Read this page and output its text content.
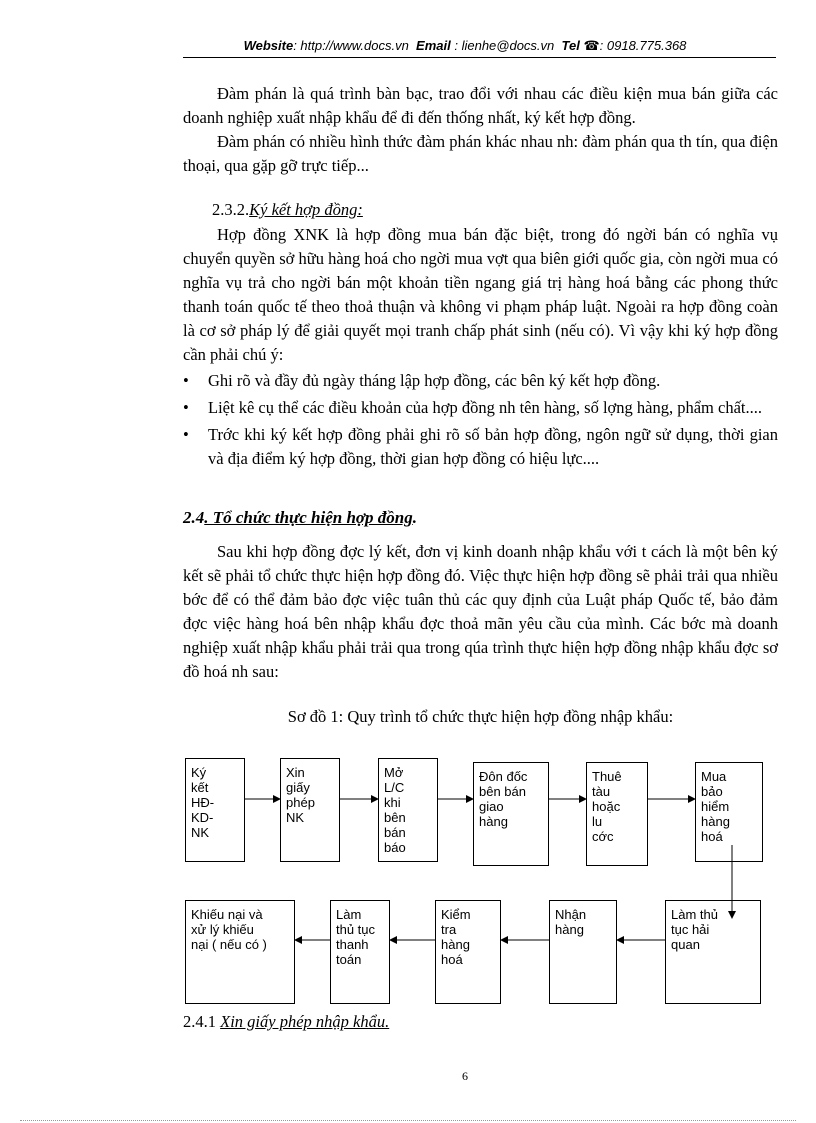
Website: http://www.docs.vn Email : lienhe@docs.vn Tel ☎: 0918.775.368

Đàm phán là quá trình bàn bạc, trao đổi với nhau các điều kiện mua bán giữa các doanh nghiệp xuất nhập khẩu để đi đến thống nhất, ký kết hợp đồng.

Đàm phán có nhiều hình thức đàm phán khác nhau nh: đàm phán qua th tín, qua điện thoại, qua gặp gỡ trực tiếp...

2.3.2.Ký kết hợp đồng:

Hợp đồng XNK là hợp đồng mua bán đặc biệt, trong đó ngời bán có nghĩa vụ chuyển quyền sở hữu hàng hoá cho ngời mua vợt qua biên giới quốc gia, còn ngời mua có nghĩa vụ trả cho ngời bán một khoản tiền ngang giá trị hàng hoá bằng các phong thức thanh toán quốc tế theo thoả thuận và không vi phạm pháp luật. Ngoài ra hợp đồng coàn là cơ sở pháp lý để giải quyết mọi tranh chấp phát sinh (nếu có). Vì vậy khi ký hợp đồng cần phải chú ý:

• Ghi rõ và đầy đủ ngày tháng lập hợp đồng, các bên ký kết hợp đồng.
• Liệt kê cụ thể các điều khoản của hợp đồng nh tên hàng, số lợng hàng, phẩm chất....
• Trớc khi ký kết hợp đồng phải ghi rõ số bản hợp đồng, ngôn ngữ sử dụng, thời gian và địa điểm ký hợp đồng, thời gian hợp đồng có hiệu lực....
2.4. Tổ chức thực hiện hợp đồng.

Sau khi hợp đồng đợc lý kết, đơn vị kinh doanh nhập khẩu với t cách là một bên ký kết sẽ phải tổ chức thực hiện hợp đồng đó. Việc thực hiện hợp đồng sẽ phải trải qua nhiều bớc để có thể đảm bảo đợc việc tuân thủ các quy định của Luật pháp Quốc tế, bảo đảm đợc việc hàng hoá bên nhập khẩu đợc thoả mãn yêu cầu của mình. Các bớc mà doanh nghiệp xuất nhập khẩu phải trải qua trong qúa trình thực hiện hợp đồng nhập khẩu đợc sơ đồ hoá nh sau:

Sơ đồ 1: Quy trình tổ chức thực hiện hợp đồng nhập khẩu:
Ký
kết
HĐ-
KD-
NK
Xin
giấy
phép
NK
Mở
L/C
khi
bên
bán
báo
Đôn đốc
bên bán
giao
hàng
Thuê
tàu
hoặc
lu
cớc
Mua
bảo
hiểm
hàng
hoá
Khiếu nại và
xử lý khiếu
nại ( nếu có )
Làm
thủ tục
thanh
toán
Kiểm
tra
hàng
hoá
Nhận
hàng
Làm thủ
tục hải
quan
2.4.1 Xin giấy phép nhập khẩu.
6
